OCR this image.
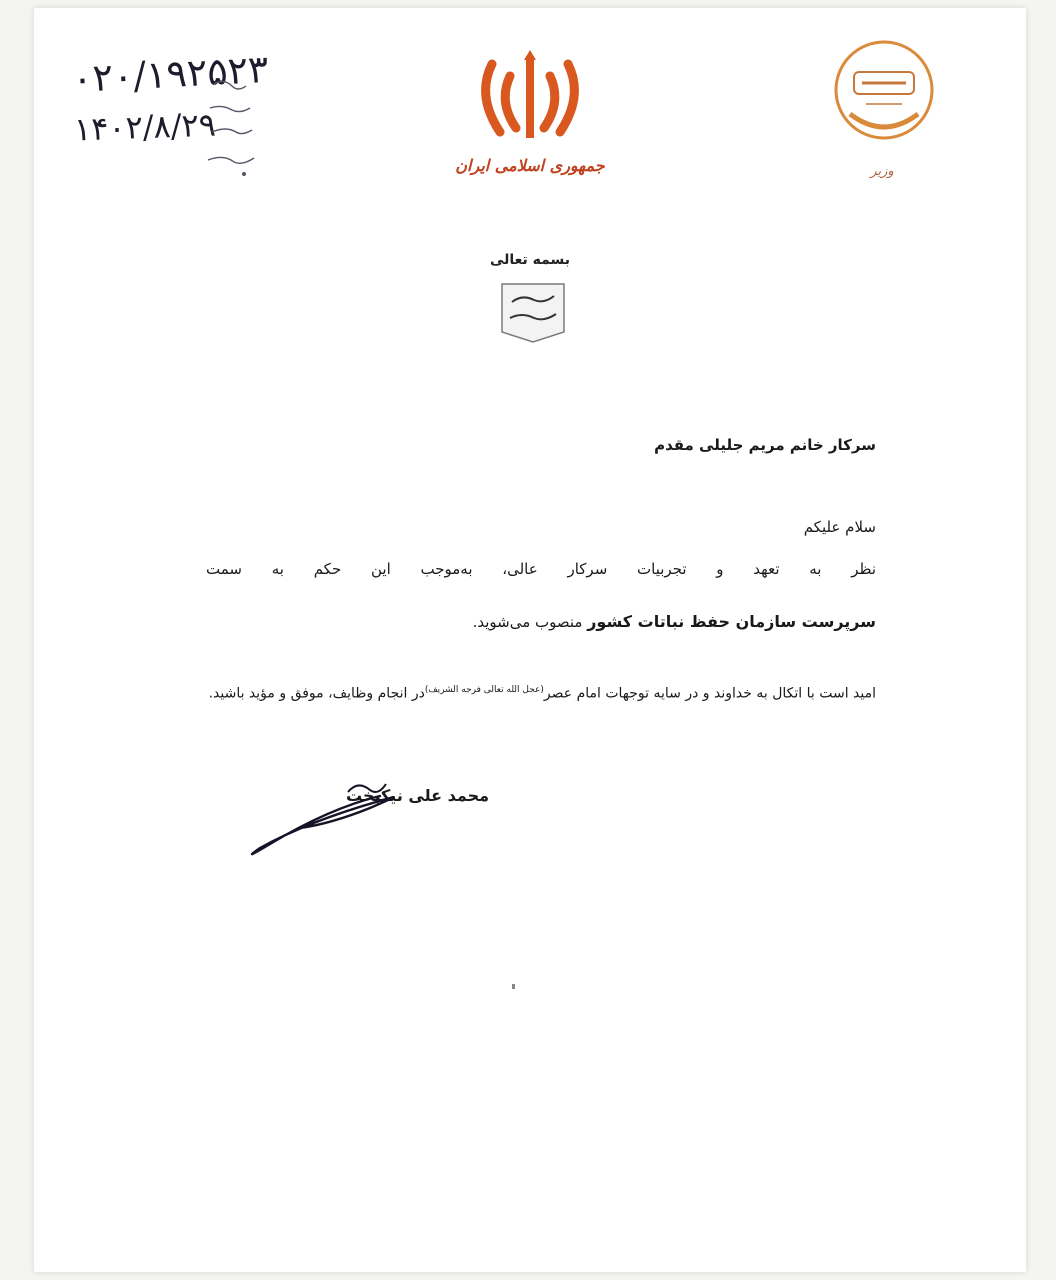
۰۲۰/۱۹۲۵۲۳
۱۴۰۲/۸/۲۹
جمهوری اسلامی ایران	وزیر
بسمه تعالی
سرکار خانم مریم جلیلی مقدم
سلام علیکم
نظر به تعهد و تجربیات سرکار عالی، به‌موجب این حکم به سمت
سرپرست سازمان حفظ نباتات کشور منصوب می‌شوید.
امید است با اتکال به خداوند و در سایه توجهات امام عصر$^{(عجل الله تعالی فرجه الشریف)}$در انجام وظایف، موفق و مؤید باشید.
محمد علی نیکبخت
